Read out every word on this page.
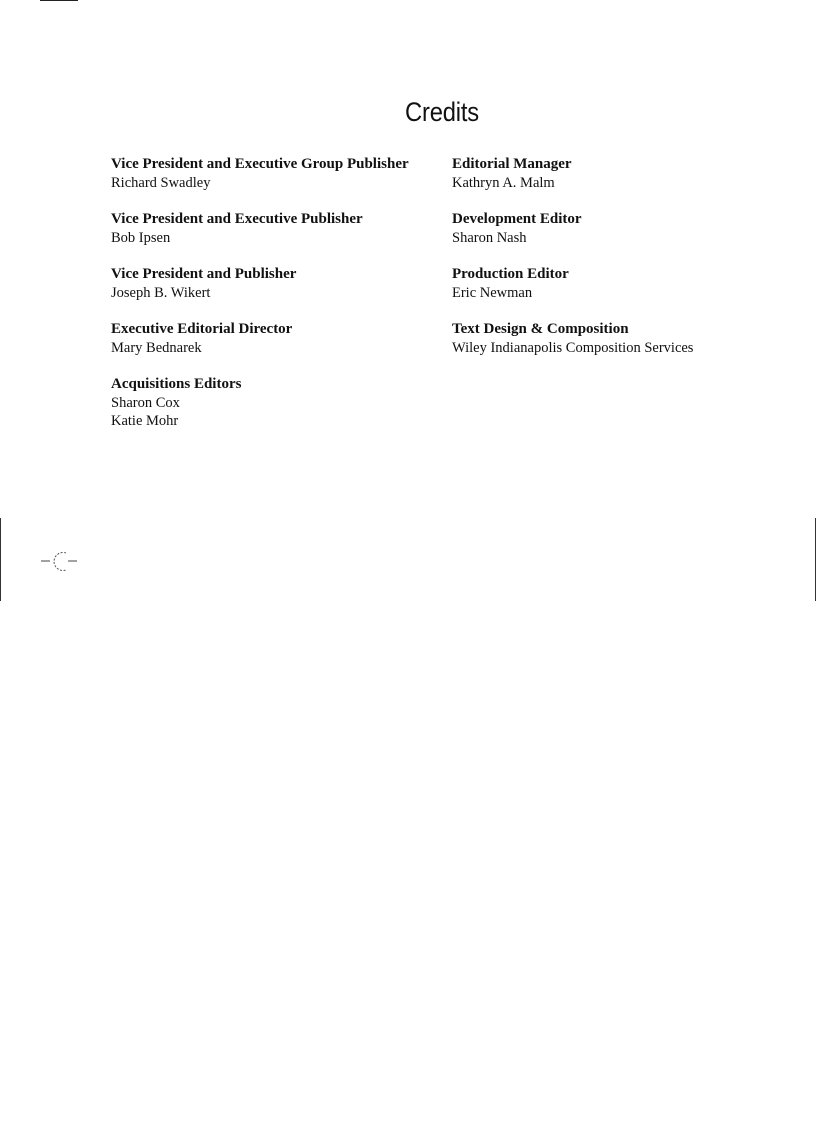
Credits
Vice President and Executive Group Publisher
Richard Swadley
Vice President and Executive Publisher
Bob Ipsen
Vice President and Publisher
Joseph B. Wikert
Executive Editorial Director
Mary Bednarek
Acquisitions Editors
Sharon Cox
Katie Mohr
Editorial Manager
Kathryn A. Malm
Development Editor
Sharon Nash
Production Editor
Eric Newman
Text Design & Composition
Wiley Indianapolis Composition Services
